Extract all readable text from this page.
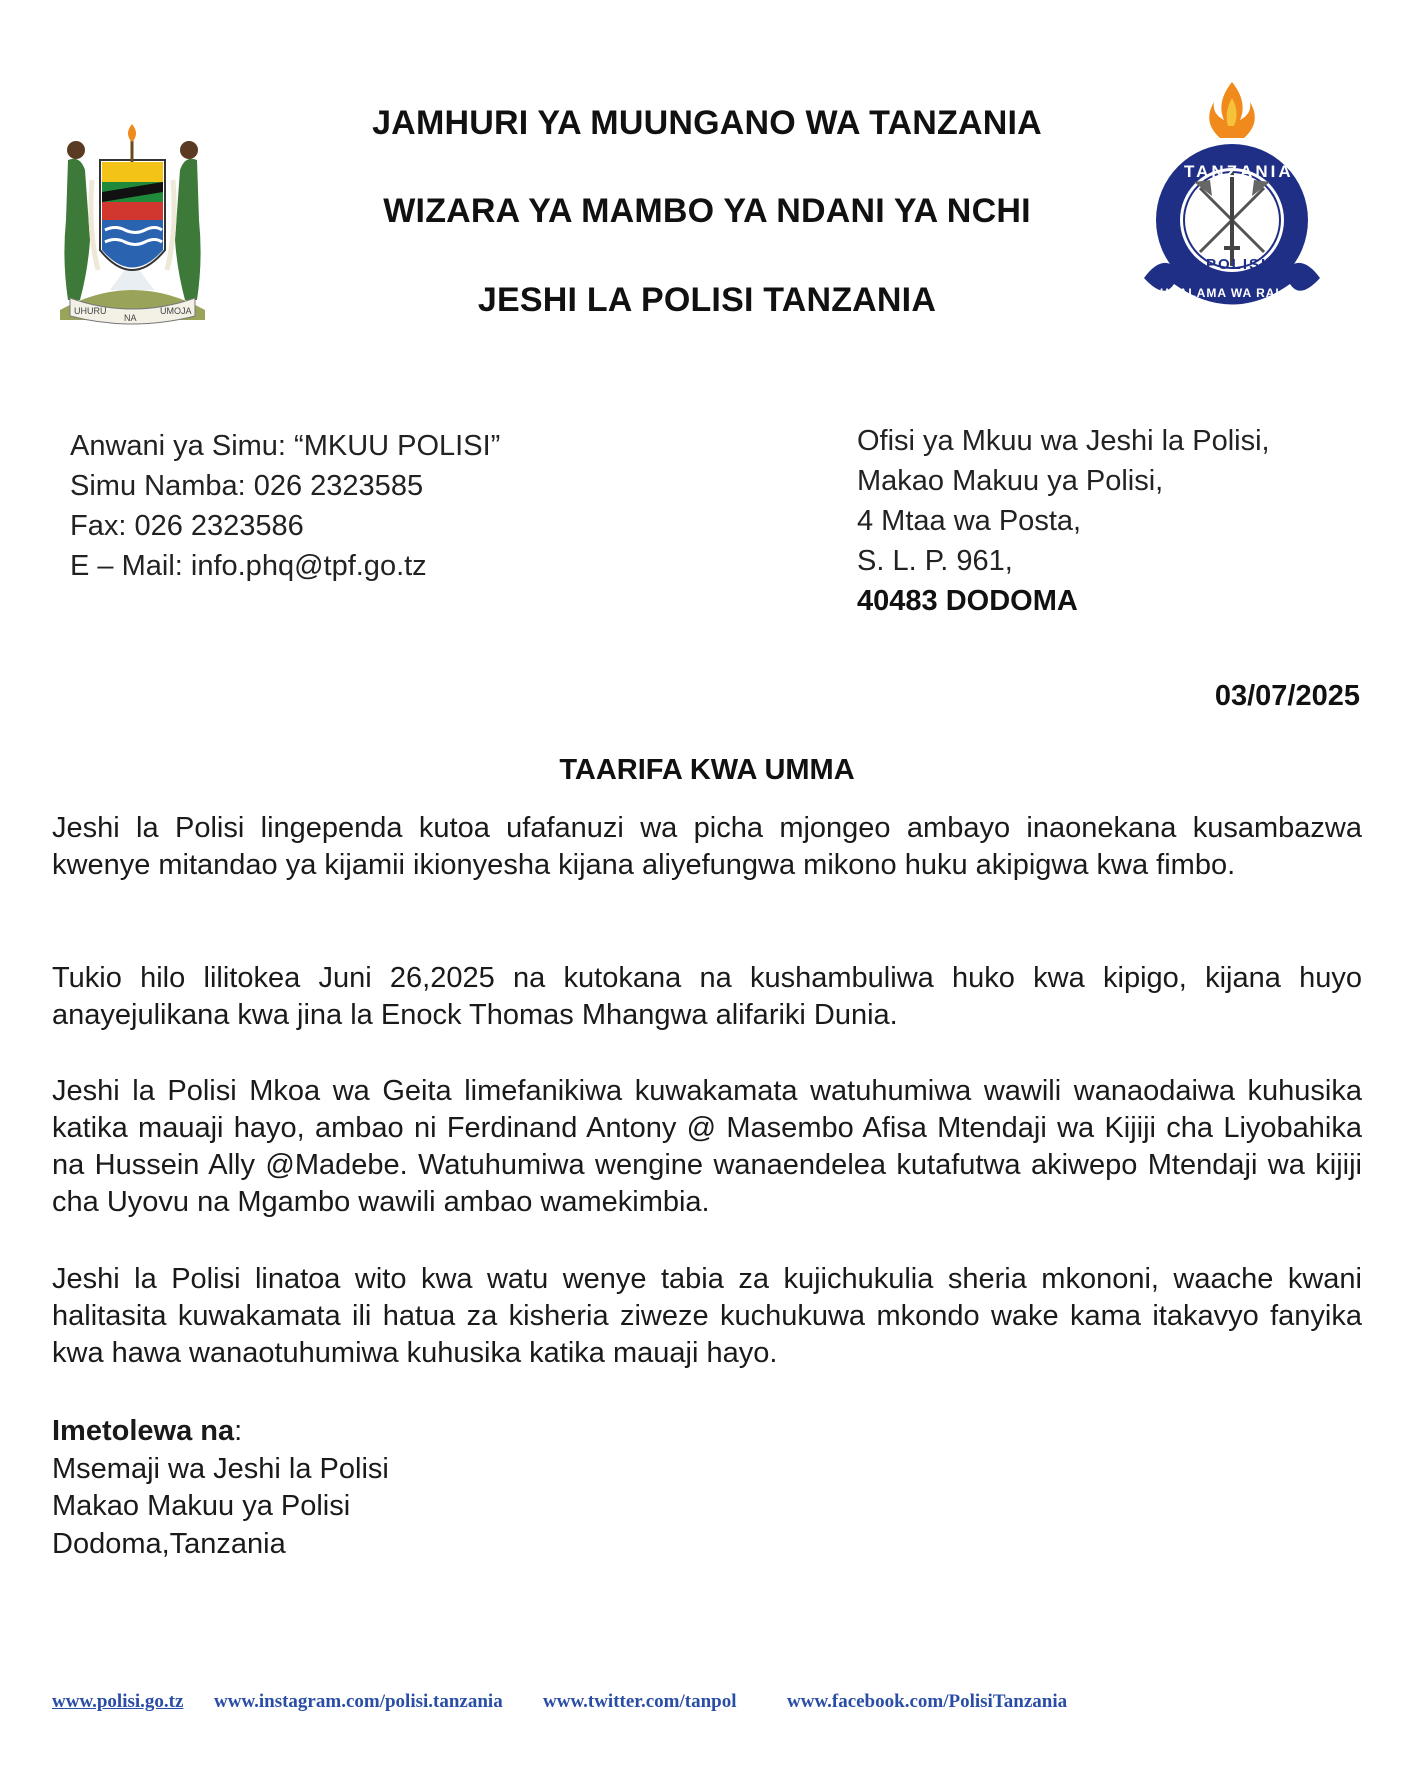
JAMHURI YA MUUNGANO WA TANZANIA
WIZARA YA MAMBO YA NDANI YA NCHI
JESHI LA POLISI TANZANIA
UHURU
NA
UMOJA
TANZANIA
POLISI
USALAMA WA RAIA
Anwani ya Simu: “MKUU POLISI”
Simu Namba: 026 2323585
Fax: 026 2323586
E – Mail: info.phq@tpf.go.tz
Ofisi ya Mkuu wa Jeshi la Polisi,
Makao Makuu ya Polisi,
4 Mtaa wa Posta,
S. L. P. 961,
40483 DODOMA
03/07/2025
TAARIFA KWA UMMA

Jeshi la Polisi lingependa kutoa ufafanuzi wa picha mjongeo ambayo inaonekana kusambazwa kwenye mitandao ya kijamii ikionyesha kijana aliyefungwa mikono huku akipigwa kwa fimbo.

Tukio hilo lilitokea Juni 26,2025 na kutokana na kushambuliwa huko kwa kipigo, kijana huyo anayejulikana kwa jina la Enock Thomas Mhangwa alifariki Dunia.

Jeshi la Polisi Mkoa wa Geita limefanikiwa kuwakamata watuhumiwa wawili wanaodaiwa kuhusika katika mauaji hayo, ambao ni Ferdinand Antony @ Masembo Afisa Mtendaji wa Kijiji cha Liyobahika na Hussein Ally @Madebe. Watuhumiwa wengine wanaendelea kutafutwa akiwepo Mtendaji wa kijiji cha Uyovu na Mgambo wawili ambao wamekimbia.

Jeshi la Polisi linatoa wito kwa watu wenye tabia za kujichukulia sheria mkononi, waache kwani halitasita kuwakamata ili hatua za kisheria ziweze kuchukuwa mkondo wake kama itakavyo fanyika kwa hawa wanaotuhumiwa kuhusika katika mauaji hayo.

Imetolewa na:
Msemaji wa Jeshi la Polisi
Makao Makuu ya Polisi
Dodoma,Tanzania
www.polisi.go.tz www.instagram.com/polisi.tanzania www.twitter.com/tanpol	www.facebook.com/PolisiTanzania
